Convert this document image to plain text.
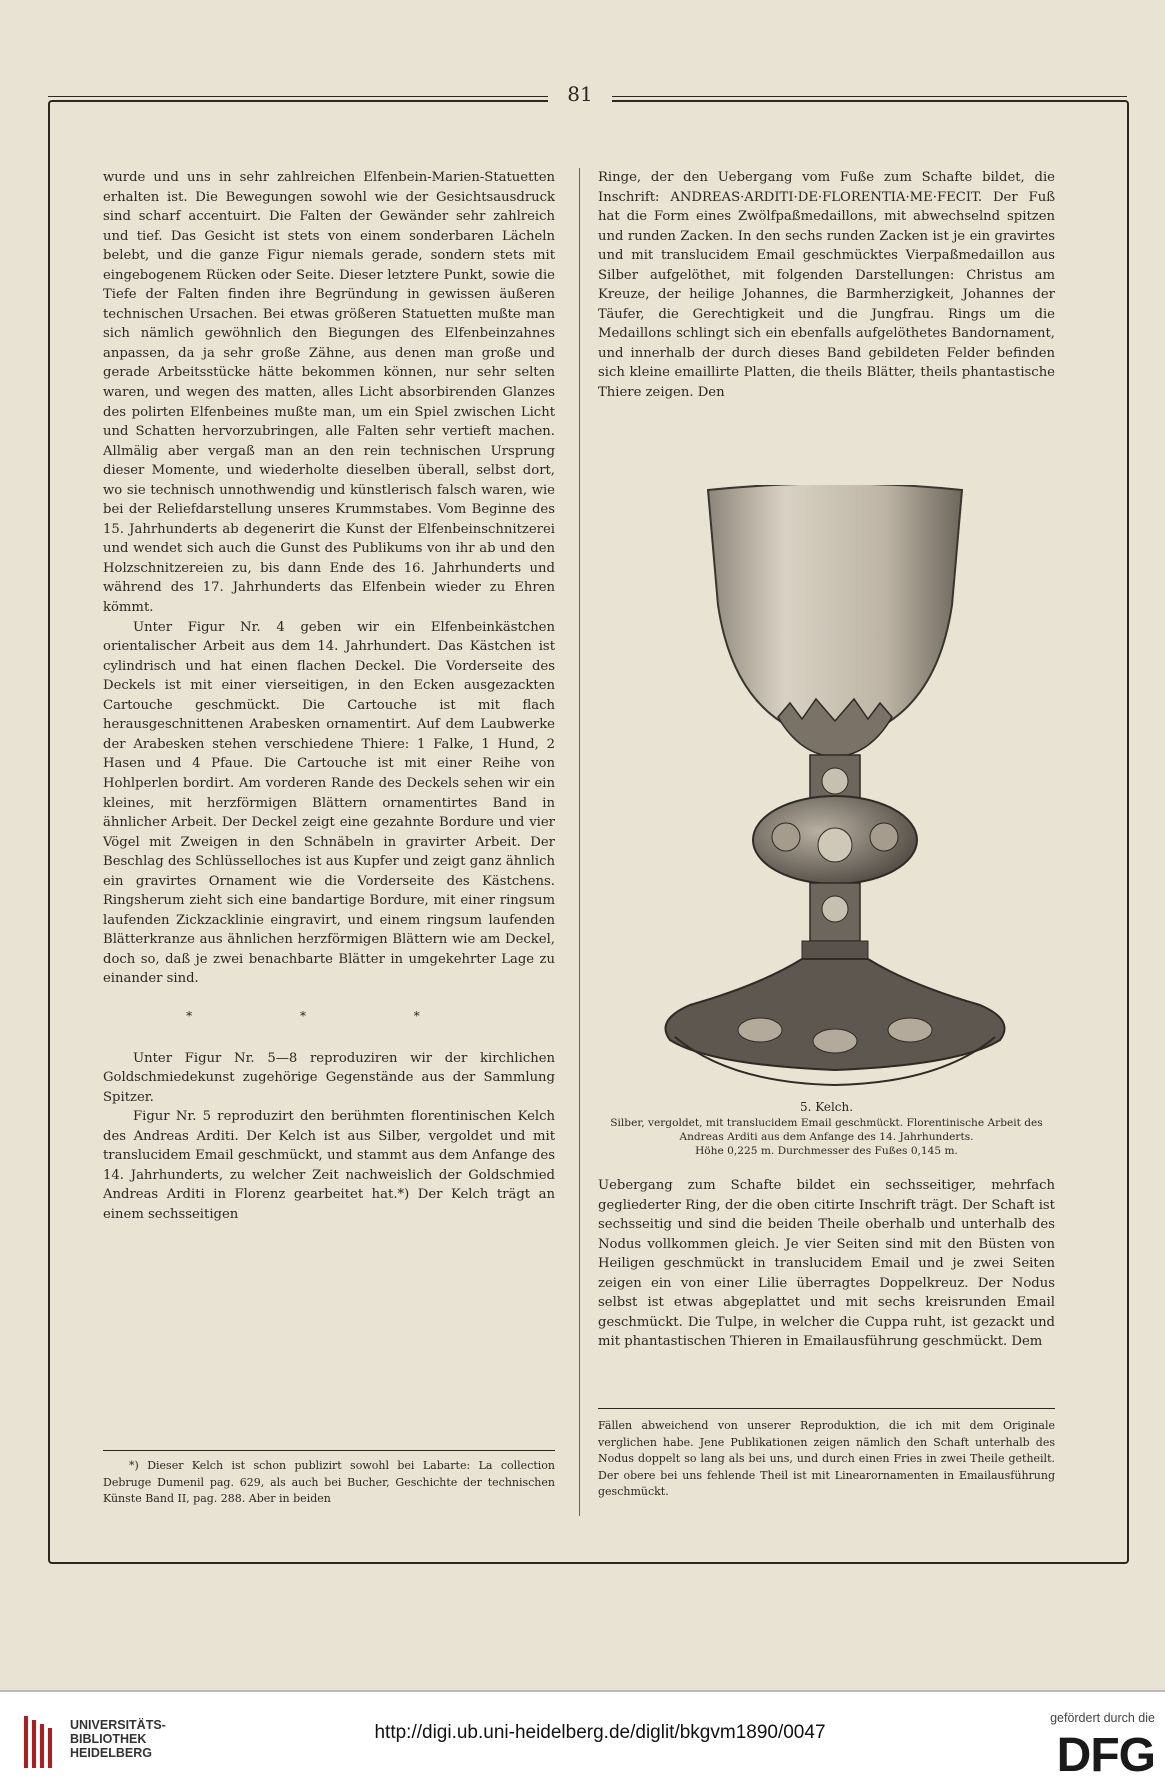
81

wurde und uns in sehr zahlreichen Elfenbein-Marien-Statuetten erhalten ist. Die Bewegungen sowohl wie der Gesichtsausdruck sind scharf accentuirt. Die Falten der Gewänder sehr zahlreich und tief. Das Gesicht ist stets von einem sonderbaren Lächeln belebt, und die ganze Figur niemals gerade, sondern stets mit eingebogenem Rücken oder Seite. Dieser letztere Punkt, sowie die Tiefe der Falten finden ihre Begründung in gewissen äußeren technischen Ursachen. Bei etwas größeren Statuetten mußte man sich nämlich gewöhnlich den Biegungen des Elfenbeinzahnes anpassen, da ja sehr große Zähne, aus denen man große und gerade Arbeitsstücke hätte bekommen können, nur sehr selten waren, und wegen des matten, alles Licht absorbirenden Glanzes des polirten Elfenbeines mußte man, um ein Spiel zwischen Licht und Schatten hervorzubringen, alle Falten sehr vertieft machen. Allmälig aber vergaß man an den rein technischen Ursprung dieser Momente, und wiederholte dieselben überall, selbst dort, wo sie technisch unnothwendig und künstlerisch falsch waren, wie bei der Reliefdarstellung unseres Krummstabes. Vom Beginne des 15. Jahrhunderts ab degenerirt die Kunst der Elfenbeinschnitzerei und wendet sich auch die Gunst des Publikums von ihr ab und den Holzschnitzereien zu, bis dann Ende des 16. Jahrhunderts und während des 17. Jahrhunderts das Elfenbein wieder zu Ehren kömmt.

Unter Figur Nr. 4 geben wir ein Elfenbeinkästchen orientalischer Arbeit aus dem 14. Jahrhundert. Das Kästchen ist cylindrisch und hat einen flachen Deckel. Die Vorderseite des Deckels ist mit einer vierseitigen, in den Ecken ausgezackten Cartouche geschmückt. Die Cartouche ist mit flach herausgeschnittenen Arabesken ornamentirt. Auf dem Laubwerke der Arabesken stehen verschiedene Thiere: 1 Falke, 1 Hund, 2 Hasen und 4 Pfaue. Die Cartouche ist mit einer Reihe von Hohlperlen bordirt. Am vorderen Rande des Deckels sehen wir ein kleines, mit herzförmigen Blättern ornamentirtes Band in ähnlicher Arbeit. Der Deckel zeigt eine gezahnte Bordure und vier Vögel mit Zweigen in den Schnäbeln in gravirter Arbeit. Der Beschlag des Schlüsselloches ist aus Kupfer und zeigt ganz ähnlich ein gravirtes Ornament wie die Vorderseite des Kästchens. Ringsherum zieht sich eine bandartige Bordure, mit einer ringsum laufenden Zickzacklinie eingravirt, und einem ringsum laufenden Blätterkranze aus ähnlichen herzförmigen Blättern wie am Deckel, doch so, daß je zwei benachbarte Blätter in umgekehrter Lage zu einander sind.

* * *

Unter Figur Nr. 5—8 reproduziren wir der kirchlichen Goldschmiedekunst zugehörige Gegenstände aus der Sammlung Spitzer.

Figur Nr. 5 reproduzirt den berühmten florentinischen Kelch des Andreas Arditi. Der Kelch ist aus Silber, vergoldet und mit translucidem Email geschmückt, und stammt aus dem Anfange des 14. Jahrhunderts, zu welcher Zeit nachweislich der Goldschmied Andreas Arditi in Florenz gearbeitet hat.*) Der Kelch trägt an einem sechsseitigen

Ringe, der den Uebergang vom Fuße zum Schafte bildet, die Inschrift: ANDREAS·ARDITI·DE·FLORENTIA·ME·FECIT. Der Fuß hat die Form eines Zwölfpaßmedaillons, mit abwechselnd spitzen und runden Zacken. In den sechs runden Zacken ist je ein gravirtes und mit translucidem Email geschmücktes Vierpaßmedaillon aus Silber aufgelöthet, mit folgenden Darstellungen: Christus am Kreuze, der heilige Johannes, die Barmherzigkeit, Johannes der Täufer, die Gerechtigkeit und die Jungfrau. Rings um die Medaillons schlingt sich ein ebenfalls aufgelöthetes Bandornament, und innerhalb der durch dieses Band gebildeten Felder befinden sich kleine emaillirte Platten, die theils Blätter, theils phantastische Thiere zeigen. Den

5. Kelch.
Silber, vergoldet, mit translucidem Email geschmückt. Florentinische Arbeit des
Andreas Arditi aus dem Anfange des 14. Jahrhunderts.
Höhe 0,225 m. Durchmesser des Fußes 0,145 m.

Uebergang zum Schafte bildet ein sechsseitiger, mehrfach gegliederter Ring, der die oben citirte Inschrift trägt. Der Schaft ist sechsseitig und sind die beiden Theile oberhalb und unterhalb des Nodus vollkommen gleich. Je vier Seiten sind mit den Büsten von Heiligen geschmückt in translucidem Email und je zwei Seiten zeigen ein von einer Lilie überragtes Doppelkreuz. Der Nodus selbst ist etwas abgeplattet und mit sechs kreisrunden Email geschmückt. Die Tulpe, in welcher die Cuppa ruht, ist gezackt und mit phantastischen Thieren in Emailausführung geschmückt. Dem

*) Dieser Kelch ist schon publizirt sowohl bei Labarte: La collection Debruge Dumenil pag. 629, als auch bei Bucher, Geschichte der technischen Künste Band II, pag. 288. Aber in beiden

Fällen abweichend von unserer Reproduktion, die ich mit dem Originale verglichen habe. Jene Publikationen zeigen nämlich den Schaft unterhalb des Nodus doppelt so lang als bei uns, und durch einen Fries in zwei Theile getheilt. Der obere bei uns fehlende Theil ist mit Linearornamenten in Emailausführung geschmückt.

UNIVERSITÄTS-
BIBLIOTHEK
HEIDELBERG
http://digi.ub.uni-heidelberg.de/diglit/bkgvm1890/0047
gefördert durch die
DFG
